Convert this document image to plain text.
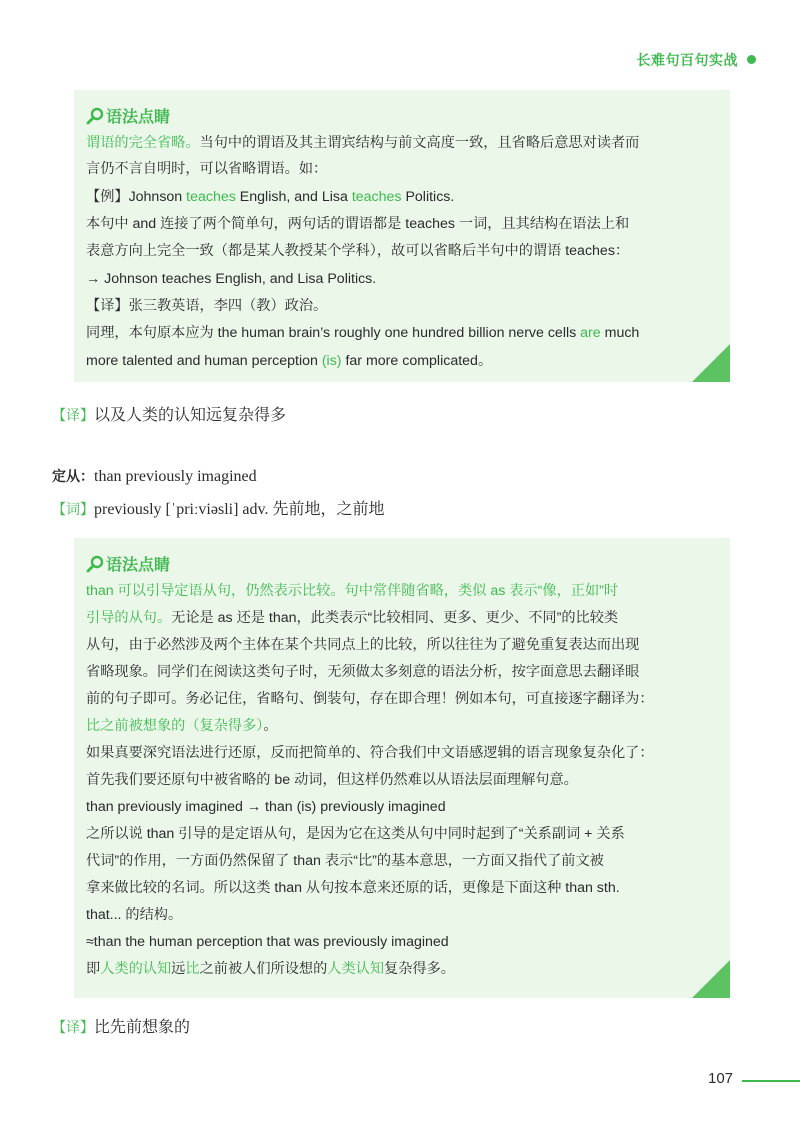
长难句百句实战
语法点睛
谓语的完全省略。当句中的谓语及其主谓宾结构与前文高度一致，且省略后意思对读者而
言仍不言自明时，可以省略谓语。如：
【例】Johnson teaches English, and Lisa teaches Politics.
本句中 and 连接了两个简单句，两句话的谓语都是 teaches 一词，且其结构在语法上和
表意方向上完全一致（都是某人教授某个学科），故可以省略后半句中的谓语 teaches：
→ Johnson teaches English, and Lisa Politics.
【译】张三教英语，李四（教）政治。
同理，本句原本应为 the human brain’s roughly one hundred billion nerve cells are much
more talented and human perception (is) far more complicated。
【译】以及人类的认知远复杂得多
定从：than previously imagined
【词】previously [ˈpriːviəsli] adv. 先前地，之前地
语法点睛
than 可以引导定语从句，仍然表示比较。句中常伴随省略，类似 as 表示“像，正如”时
引导的从句。无论是 as 还是 than，此类表示“比较相同、更多、更少、不同”的比较类
从句，由于必然涉及两个主体在某个共同点上的比较，所以往往为了避免重复表达而出现
省略现象。同学们在阅读这类句子时，无须做太多刻意的语法分析，按字面意思去翻译眼
前的句子即可。务必记住，省略句、倒装句，存在即合理！例如本句，可直接逐字翻译为：
比之前被想象的（复杂得多）。
如果真要深究语法进行还原，反而把简单的、符合我们中文语感逻辑的语言现象复杂化了：
首先我们要还原句中被省略的 be 动词，但这样仍然难以从语法层面理解句意。
than previously imagined → than (is) previously imagined
之所以说 than 引导的是定语从句，是因为它在这类从句中同时起到了“关系副词 + 关系
代词”的作用，一方面仍然保留了 than 表示“比”的基本意思，一方面又指代了前文被
拿来做比较的名词。所以这类 than 从句按本意来还原的话，更像是下面这种 than sth.
that... 的结构。
≈than the human perception that was previously imagined
即人类的认知远比之前被人们所设想的人类认知复杂得多。
【译】比先前想象的
107
